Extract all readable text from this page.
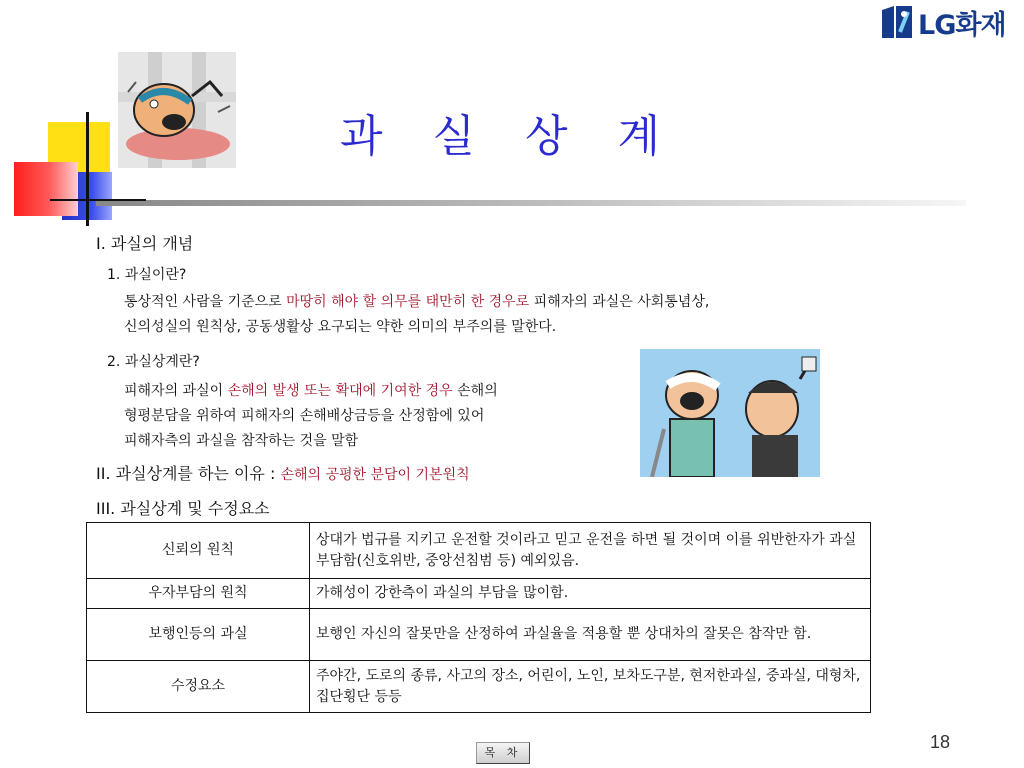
LG화재
과 실 상 계
I. 과실의 개념
1. 과실이란?
통상적인 사람을 기준으로 마땅히 해야 할 의무를 태만히 한 경우로 피해자의 과실은 사회통념상,
신의성실의 원칙상, 공동생활상 요구되는 약한 의미의 부주의를 말한다.
2. 과실상계란?
피해자의 과실이 손해의 발생 또는 확대에 기여한 경우 손해의
형평분담을 위하여 피해자의 손해배상금등을 산정함에 있어
피해자측의 과실을 참작하는 것을 말함
II. 과실상계를 하는 이유 : 손해의 공평한 분담이 기본원칙
III. 과실상계 및 수정요소
신뢰의 원칙	상대가 법규를 지키고 운전할 것이라고 믿고 운전을 하면 될 것이며 이를 위반한자가 과실부담함(신호위반, 중앙선침범 등) 예외있음.
우자부담의 원칙	가해성이 강한측이 과실의 부담을 많이함.
보행인등의 과실	보행인 자신의 잘못만을 산정하여 과실율을 적용할 뿐 상대차의 잘못은 참작만 함.
수정요소	주야간, 도로의 종류, 사고의 장소, 어린이, 노인, 보차도구분, 현저한과실, 중과실, 대형차, 집단횡단 등등
목 차
18
